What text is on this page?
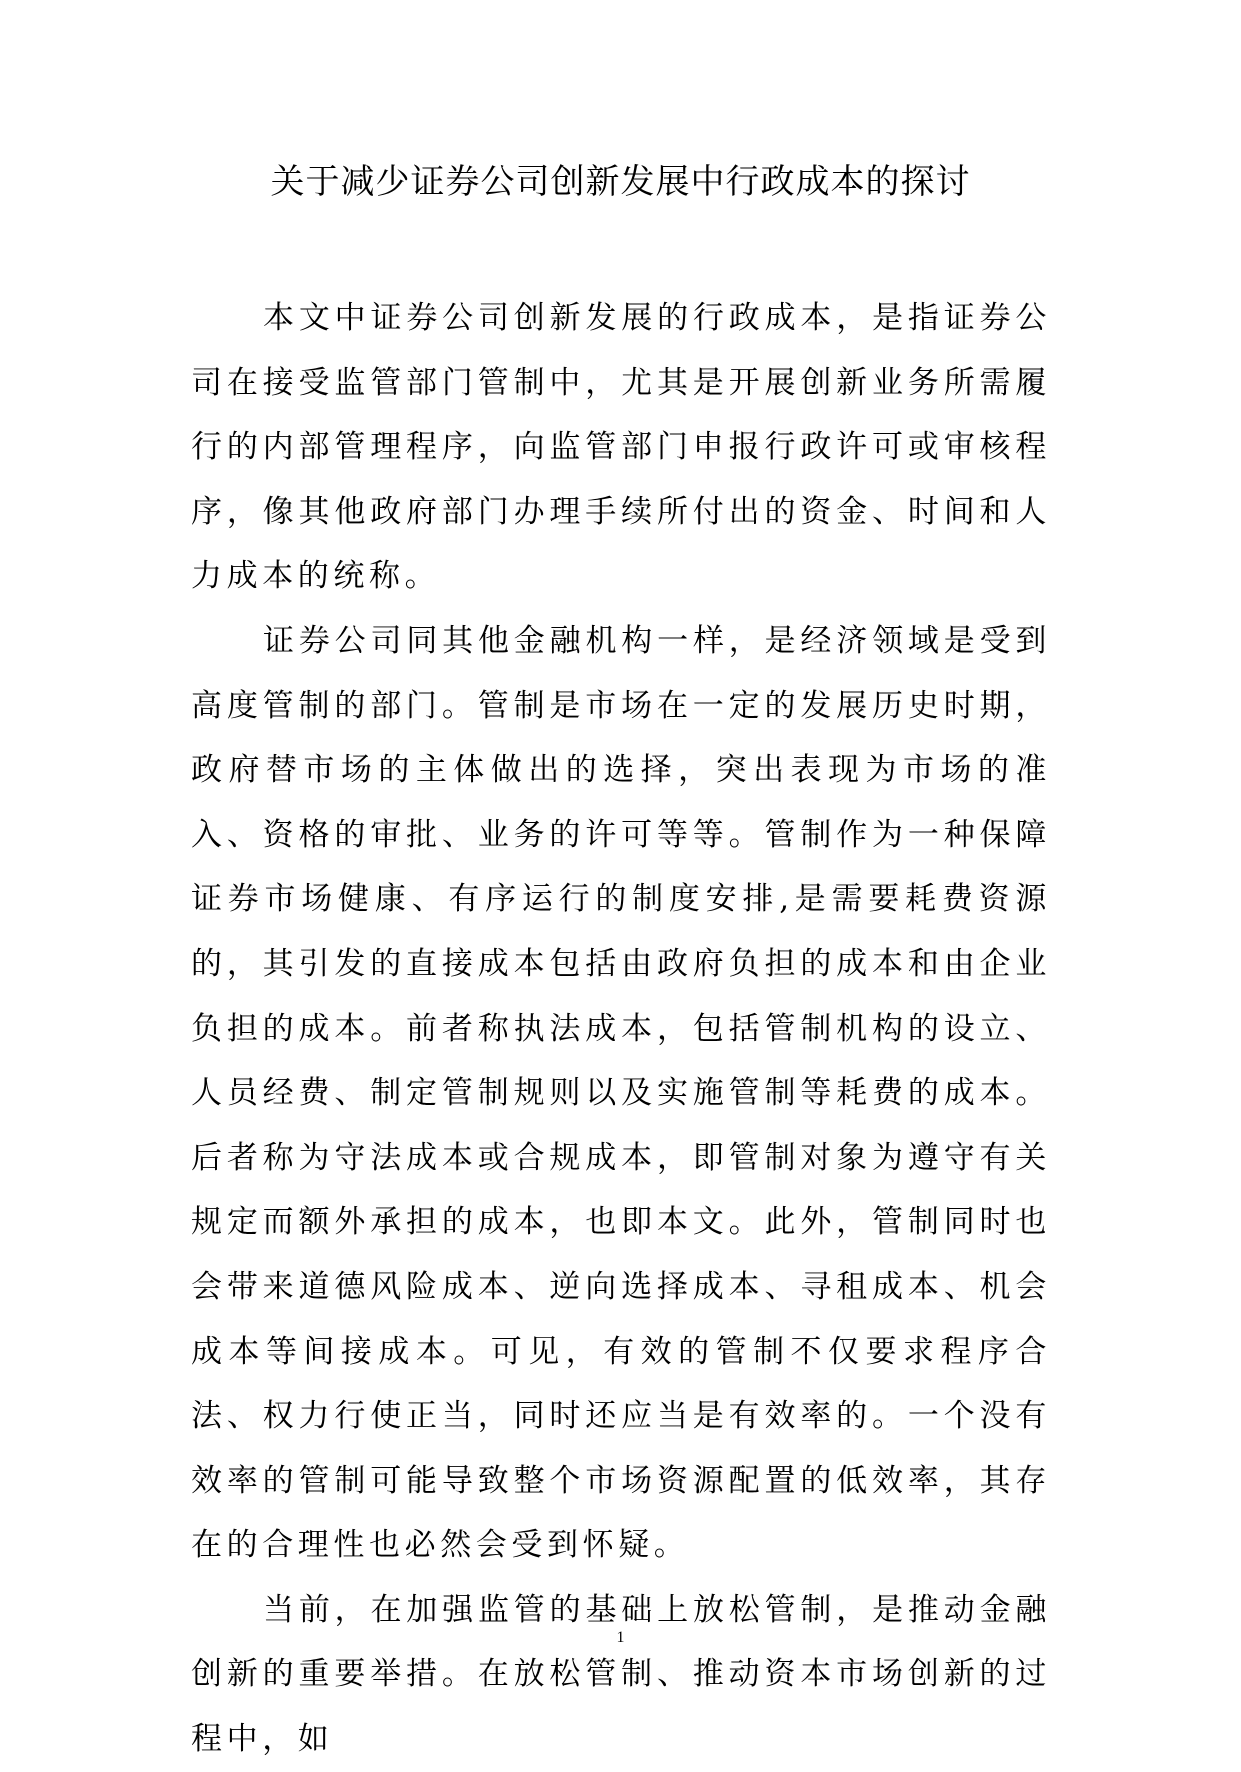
关于减少证券公司创新发展中行政成本的探讨

本文中证券公司创新发展的行政成本，是指证券公司在接受监管部门管制中，尤其是开展创新业务所需履行的内部管理程序，向监管部门申报行政许可或审核程序，像其他政府部门办理手续所付出的资金、时间和人力成本的统称。

证券公司同其他金融机构一样，是经济领域是受到高度管制的部门。管制是市场在一定的发展历史时期，政府替市场的主体做出的选择，突出表现为市场的准入、资格的审批、业务的许可等等。管制作为一种保障证券市场健康、有序运行的制度安排,是需要耗费资源的，其引发的直接成本包括由政府负担的成本和由企业负担的成本。前者称执法成本，包括管制机构的设立、人员经费、制定管制规则以及实施管制等耗费的成本。后者称为守法成本或合规成本，即管制对象为遵守有关规定而额外承担的成本，也即本文。此外，管制同时也会带来道德风险成本、逆向选择成本、寻租成本、机会成本等间接成本。可见，有效的管制不仅要求程序合法、权力行使正当，同时还应当是有效率的。一个没有效率的管制可能导致整个市场资源配置的低效率，其存在的合理性也必然会受到怀疑。

当前，在加强监管的基础上放松管制，是推动金融创新的重要举措。在放松管制、推动资本市场创新的过程中，如

1
